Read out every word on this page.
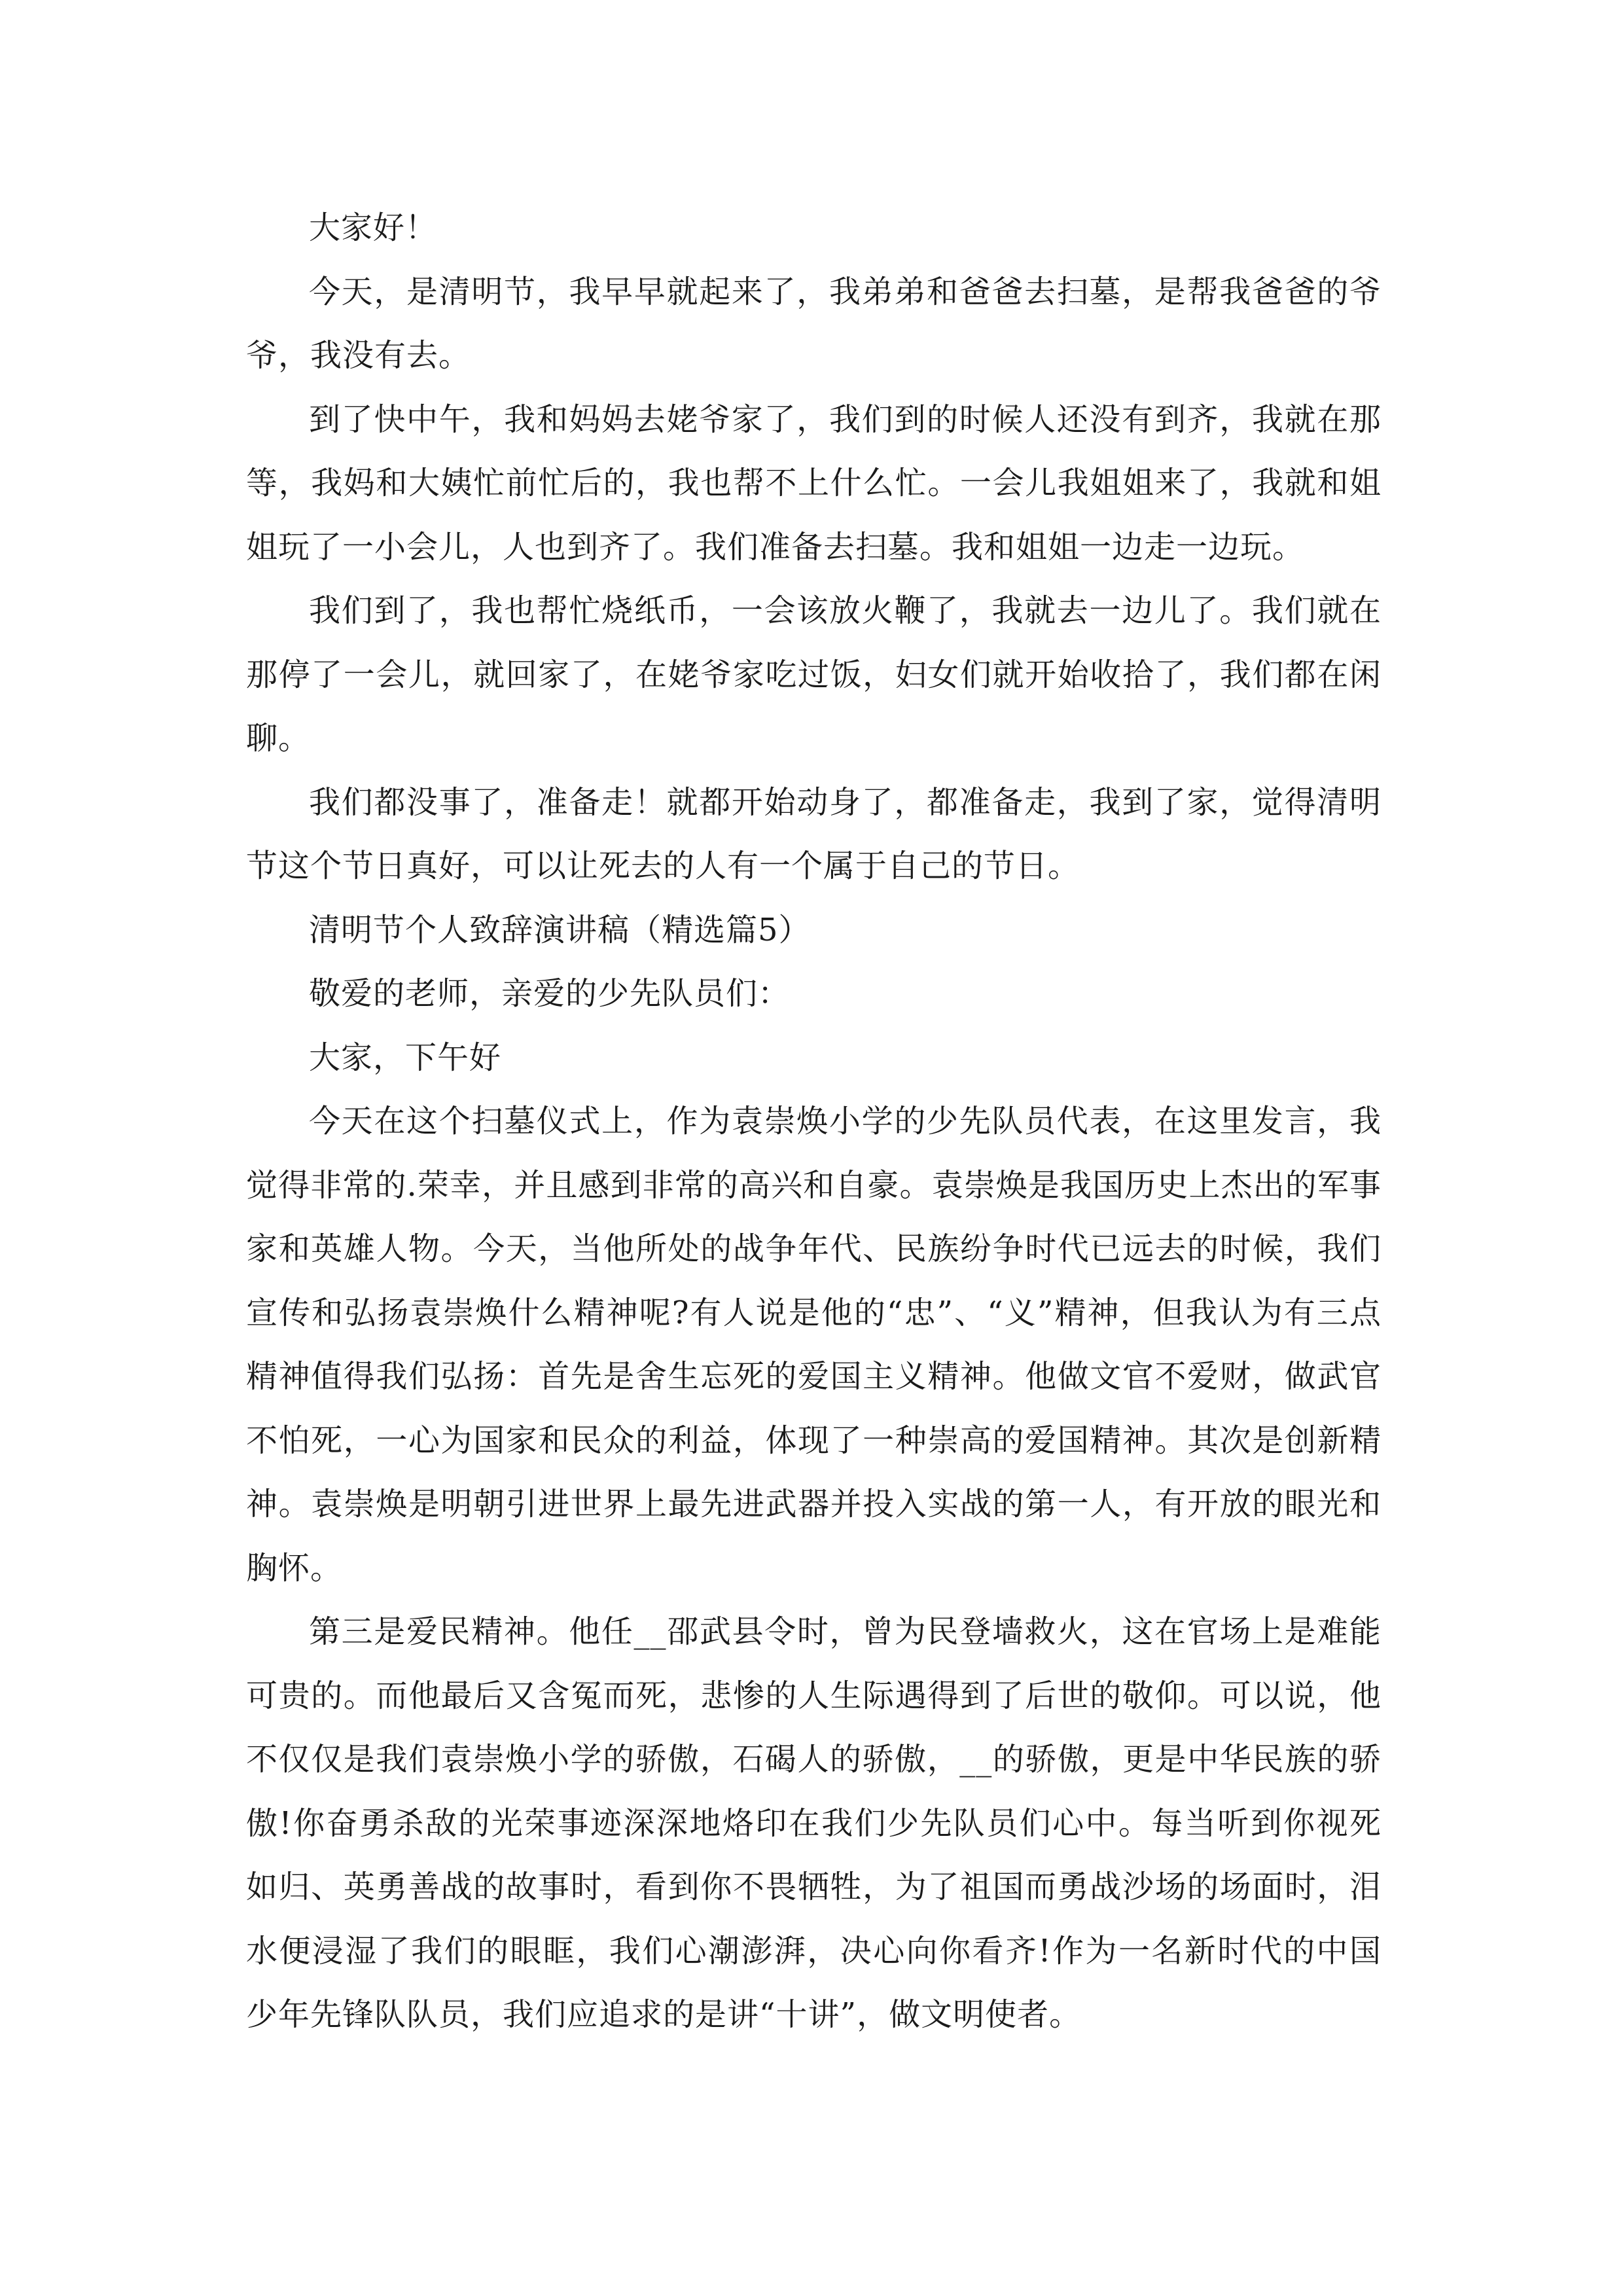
大家好！

今天，是清明节，我早早就起来了，我弟弟和爸爸去扫墓，是帮我爸爸的爷爷，我没有去。

到了快中午，我和妈妈去姥爷家了，我们到的时候人还没有到齐，我就在那等，我妈和大姨忙前忙后的，我也帮不上什么忙。一会儿我姐姐来了，我就和姐姐玩了一小会儿，人也到齐了。我们准备去扫墓。我和姐姐一边走一边玩。

我们到了，我也帮忙烧纸币，一会该放火鞭了，我就去一边儿了。我们就在那停了一会儿，就回家了，在姥爷家吃过饭，妇女们就开始收拾了，我们都在闲聊。

我们都没事了，准备走！就都开始动身了，都准备走，我到了家，觉得清明节这个节日真好，可以让死去的人有一个属于自己的节日。

清明节个人致辞演讲稿（精选篇5）

敬爱的老师，亲爱的少先队员们：

大家，下午好

今天在这个扫墓仪式上，作为袁崇焕小学的少先队员代表，在这里发言，我觉得非常的.荣幸，并且感到非常的高兴和自豪。袁崇焕是我国历史上杰出的军事家和英雄人物。今天，当他所处的战争年代、民族纷争时代已远去的时候，我们宣传和弘扬袁崇焕什么精神呢?有人说是他的“忠”、“义”精神，但我认为有三点精神值得我们弘扬：首先是舍生忘死的爱国主义精神。他做文官不爱财，做武官不怕死，一心为国家和民众的利益，体现了一种崇高的爱国精神。其次是创新精神。袁崇焕是明朝引进世界上最先进武器并投入实战的第一人，有开放的眼光和胸怀。

第三是爱民精神。他任__邵武县令时，曾为民登墙救火，这在官场上是难能可贵的。而他最后又含冤而死，悲惨的人生际遇得到了后世的敬仰。可以说，他不仅仅是我们袁崇焕小学的骄傲，石碣人的骄傲，__的骄傲，更是中华民族的骄傲!你奋勇杀敌的光荣事迹深深地烙印在我们少先队员们心中。每当听到你视死如归、英勇善战的故事时，看到你不畏牺牲，为了祖国而勇战沙场的场面时，泪水便浸湿了我们的眼眶，我们心潮澎湃，决心向你看齐!作为一名新时代的中国少年先锋队队员，我们应追求的是讲“十讲”，做文明使者。
